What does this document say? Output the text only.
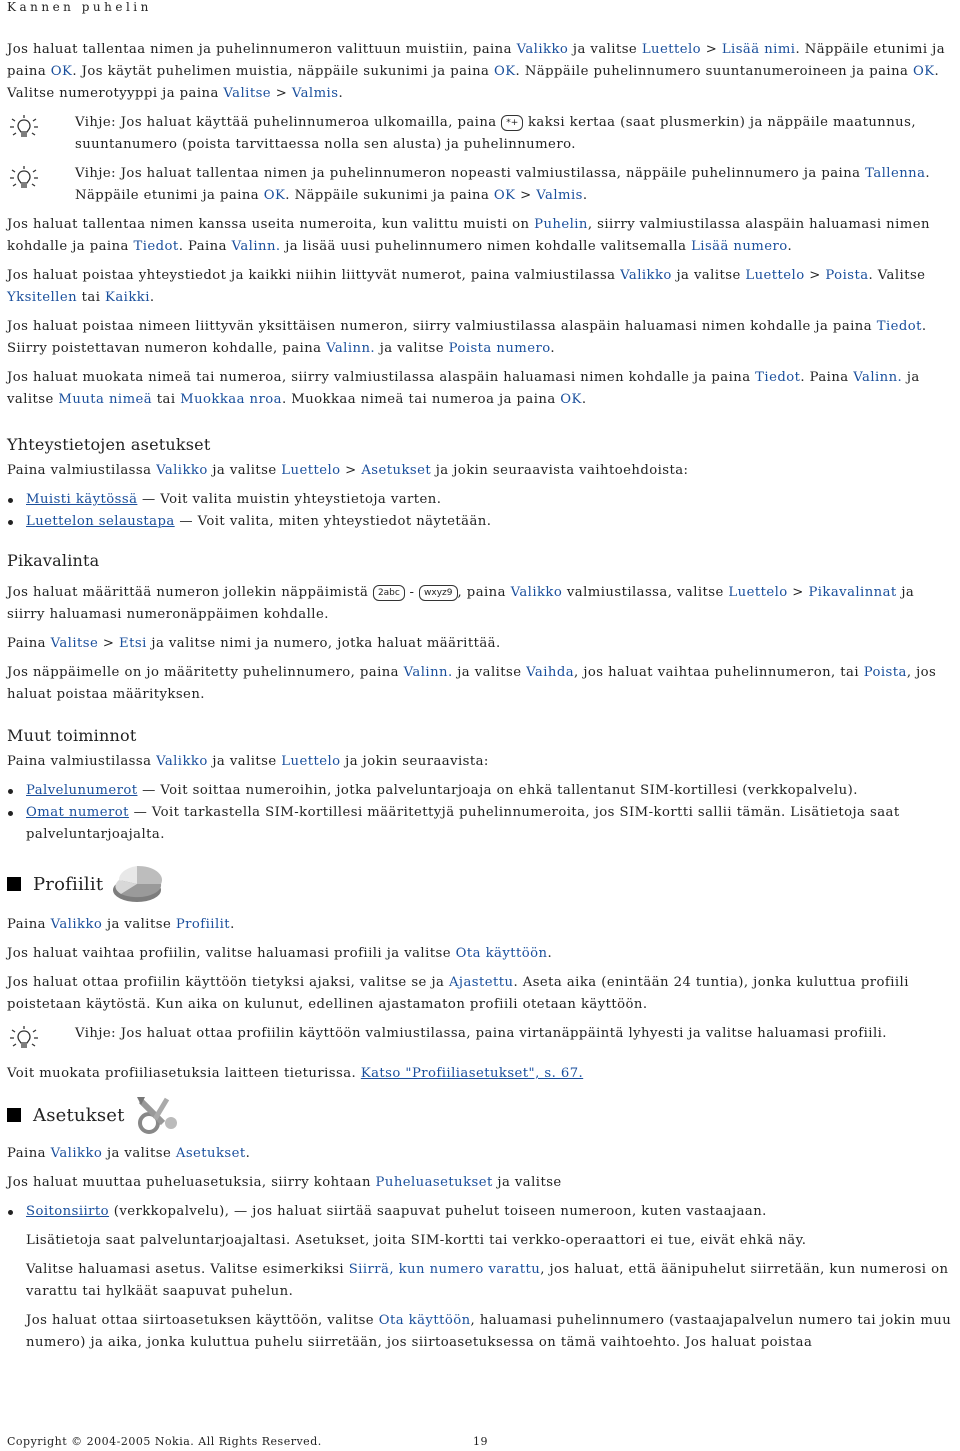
Kannen puhelin

Jos haluat tallentaa nimen ja puhelinnumeron valittuun muistiin, paina Valikko ja valitse Luettelo > Lisää nimi. Näppäile etunimi ja paina OK. Jos käytät puhelimen muistia, näppäile sukunimi ja paina OK. Näppäile puhelinnumero suuntanumeroineen ja paina OK. Valitse numerotyyppi ja paina Valitse > Valmis.

Vihje: Jos haluat käyttää puhelinnumeroa ulkomailla, paina *+ kaksi kertaa (saat plusmerkin) ja näppäile maatunnus, suuntanumero (poista tarvittaessa nolla sen alusta) ja puhelinnumero.
Vihje: Jos haluat tallentaa nimen ja puhelinnumeron nopeasti valmiustilassa, näppäile puhelinnumero ja paina Tallenna. Näppäile etunimi ja paina OK. Näppäile sukunimi ja paina OK > Valmis.

Jos haluat tallentaa nimen kanssa useita numeroita, kun valittu muisti on Puhelin, siirry valmiustilassa alaspäin haluamasi nimen kohdalle ja paina Tiedot. Paina Valinn. ja lisää uusi puhelinnumero nimen kohdalle valitsemalla Lisää numero.

Jos haluat poistaa yhteystiedot ja kaikki niihin liittyvät numerot, paina valmiustilassa Valikko ja valitse Luettelo > Poista. Valitse Yksitellen tai Kaikki.

Jos haluat poistaa nimeen liittyvän yksittäisen numeron, siirry valmiustilassa alaspäin haluamasi nimen kohdalle ja paina Tiedot. Siirry poistettavan numeron kohdalle, paina Valinn. ja valitse Poista numero.

Jos haluat muokata nimeä tai numeroa, siirry valmiustilassa alaspäin haluamasi nimen kohdalle ja paina Tiedot. Paina Valinn. ja valitse Muuta nimeä tai Muokkaa nroa. Muokkaa nimeä tai numeroa ja paina OK.

Yhteystietojen asetukset

Paina valmiustilassa Valikko ja valitse Luettelo > Asetukset ja jokin seuraavista vaihtoehdoista:

Muisti käytössä — Voit valita muistin yhteystietoja varten.
Luettelon selaustapa — Voit valita, miten yhteystiedot näytetään.
Pikavalinta

Jos haluat määrittää numeron jollekin näppäimistä 2abc - wxyz9 , paina Valikko valmiustilassa, valitse Luettelo > Pikavalinnat ja siirry haluamasi numeronäppäimen kohdalle.

Paina Valitse > Etsi ja valitse nimi ja numero, jotka haluat määrittää.

Jos näppäimelle on jo määritetty puhelinnumero, paina Valinn. ja valitse Vaihda, jos haluat vaihtaa puhelinnumeron, tai Poista, jos haluat poistaa määrityksen.

Muut toiminnot

Paina valmiustilassa Valikko ja valitse Luettelo ja jokin seuraavista:

Palvelunumerot — Voit soittaa numeroihin, jotka palveluntarjoaja on ehkä tallentanut SIM-kortillesi (verkkopalvelu).
Omat numerot — Voit tarkastella SIM-kortillesi määritettyjä puhelinnumeroita, jos SIM-kortti sallii tämän. Lisätietoja saat palveluntarjoajalta.
Profiilit

Paina Valikko ja valitse Profiilit.

Jos haluat vaihtaa profiilin, valitse haluamasi profiili ja valitse Ota käyttöön.

Jos haluat ottaa profiilin käyttöön tietyksi ajaksi, valitse se ja Ajastettu. Aseta aika (enintään 24 tuntia), jonka kuluttua profiili poistetaan käytöstä. Kun aika on kulunut, edellinen ajastamaton profiili otetaan käyttöön.

Vihje: Jos haluat ottaa profiilin käyttöön valmiustilassa, paina virtanäppäintä lyhyesti ja valitse haluamasi profiili.

Voit muokata profiiliasetuksia laitteen tieturissa. Katso "Profiiliasetukset", s. 67.

Asetukset

Paina Valikko ja valitse Asetukset.

Jos haluat muuttaa puheluasetuksia, siirry kohtaan Puheluasetukset ja valitse

Soitonsiirto (verkkopalvelu), — jos haluat siirtää saapuvat puhelut toiseen numeroon, kuten vastaajaan.

Lisätietoja saat palveluntarjoajaltasi. Asetukset, joita SIM-kortti tai verkko-operaattori ei tue, eivät ehkä näy.

Valitse haluamasi asetus. Valitse esimerkiksi Siirrä, kun numero varattu, jos haluat, että äänipuhelut siirretään, kun numerosi on varattu tai hylkäät saapuvat puhelun.

Jos haluat ottaa siirtoasetuksen käyttöön, valitse Ota käyttöön, haluamasi puhelinnumero (vastaajapalvelun numero tai jokin muu numero) ja aika, jonka kuluttua puhelu siirretään, jos siirtoasetuksessa on tämä vaihtoehto. Jos haluat poistaa

Copyright © 2004-2005 Nokia. All Rights Reserved.	19
